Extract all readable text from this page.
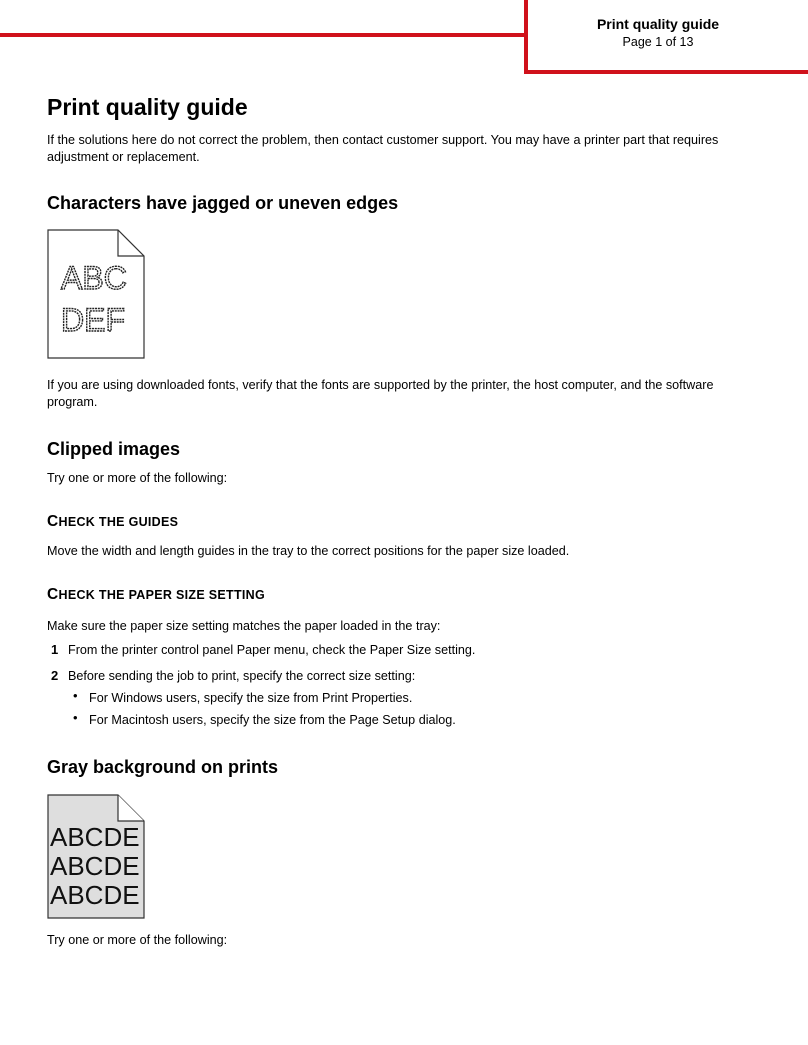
Print quality guide
Page 1 of 13
Print quality guide
If the solutions here do not correct the problem, then contact customer support. You may have a printer part that requires adjustment or replacement.
Characters have jagged or uneven edges
ABC
DEF
If you are using downloaded fonts, verify that the fonts are supported by the printer, the host computer, and the software program.
Clipped images
Try one or more of the following:
CHECK THE GUIDES
Move the width and length guides in the tray to the correct positions for the paper size loaded.
CHECK THE PAPER SIZE SETTING
Make sure the paper size setting matches the paper loaded in the tray:
1 From the printer control panel Paper menu, check the Paper Size setting.
2 Before sending the job to print, specify the correct size setting:
• For Windows users, specify the size from Print Properties.
• For Macintosh users, specify the size from the Page Setup dialog.
Gray background on prints
ABCDE
ABCDE
ABCDE
Try one or more of the following:
